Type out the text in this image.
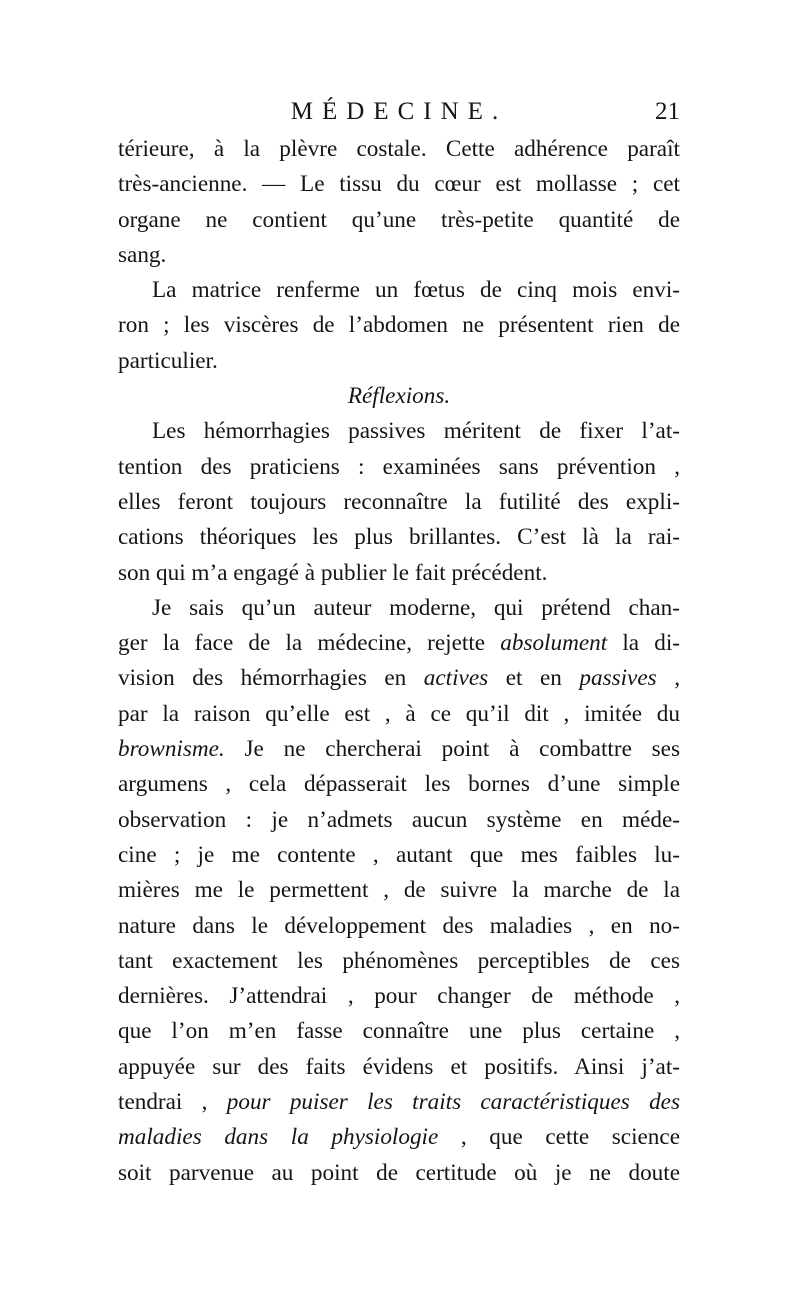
MÉDECINE.	21
térieure, à la plèvre costale. Cette adhérence paraît
très-ancienne. — Le tissu du cœur est mollasse ; cet
organe ne contient qu’une très-petite quantité de
sang.
La matrice renferme un fœtus de cinq mois envi-
ron ; les viscères de l’abdomen ne présentent rien de
particulier.
Réflexions.
Les hémorrhagies passives méritent de fixer l’at-
tention des praticiens : examinées sans prévention ,
elles feront toujours reconnaître la futilité des expli-
cations théoriques les plus brillantes. C’est là la rai-
son qui m’a engagé à publier le fait précédent.
Je sais qu’un auteur moderne, qui prétend chan-
ger la face de la médecine, rejette absolument la di-
vision des hémorrhagies en actives et en passives ,
par la raison qu’elle est , à ce qu’il dit , imitée du
brownisme. Je ne chercherai point à combattre ses
argumens , cela dépasserait les bornes d’une simple
observation : je n’admets aucun système en méde-
cine ; je me contente , autant que mes faibles lu-
mières me le permettent , de suivre la marche de la
nature dans le développement des maladies , en no-
tant exactement les phénomènes perceptibles de ces
dernières. J’attendrai , pour changer de méthode ,
que l’on m’en fasse connaître une plus certaine ,
appuyée sur des faits évidens et positifs. Ainsi j’at-
tendrai , pour puiser les traits caractéristiques des
maladies dans la physiologie , que cette science
soit parvenue au point de certitude où je ne doute
